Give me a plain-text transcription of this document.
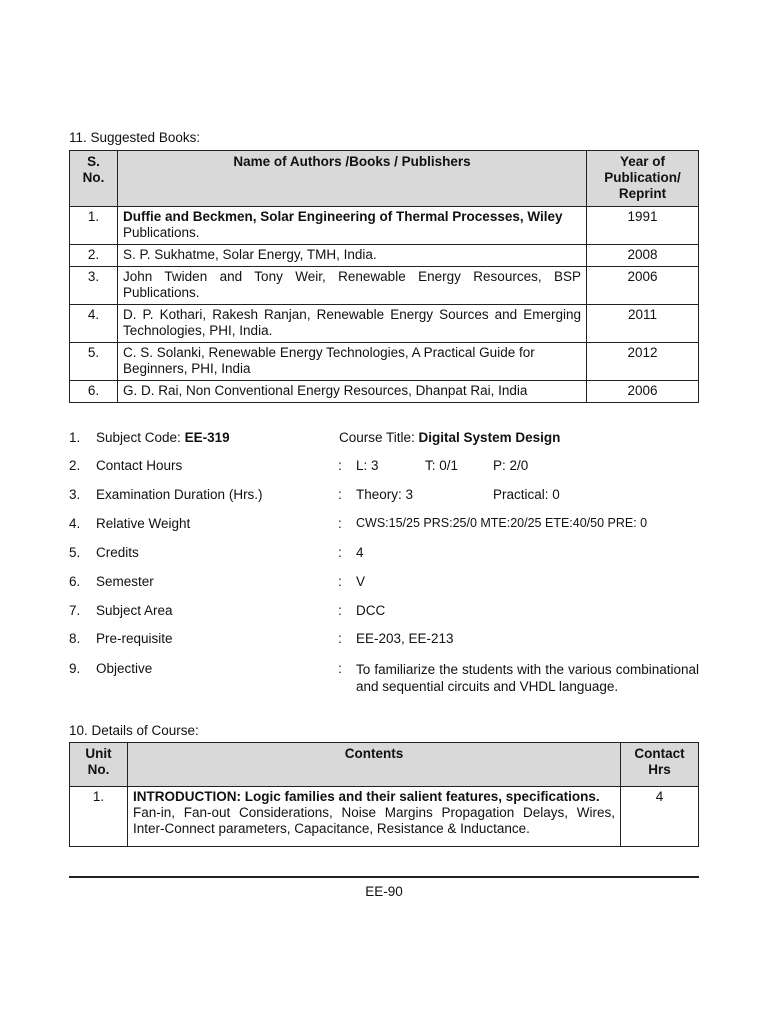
11. Suggested Books:
S. No.	Name of Authors /Books / Publishers	Year of Publication/ Reprint
1.	Duffie and Beckmen, Solar Engineering of Thermal Processes, Wiley Publications.	1991
2.	S. P. Sukhatme, Solar Energy, TMH, India.	2008
3.	John Twiden and Tony Weir, Renewable Energy Resources, BSP Publications.	2006
4.	D. P. Kothari, Rakesh Ranjan, Renewable Energy Sources and Emerging Technologies, PHI, India.	2011
5.	C. S. Solanki, Renewable Energy Technologies, A Practical Guide for Beginners, PHI, India	2012
6.	G. D. Rai, Non Conventional Energy Resources, Dhanpat Rai, India	2006
1. Subject Code: EE-319	Course Title: Digital System Design
2. Contact Hours	: L: 3	T: 0/1	P: 2/0
3. Examination Duration (Hrs.)	: Theory: 3	Practical: 0
4. Relative Weight	: CWS:15/25 PRS:25/0 MTE:20/25 ETE:40/50 PRE: 0
5. Credits	: 4
6. Semester	: V
7. Subject Area	: DCC
8. Pre-requisite	: EE-203, EE-213
9. Objective	: To familiarize the students with the various combinational and sequential circuits and VHDL language.
10. Details of Course:
Unit No.	Contents	Contact Hrs
1.	INTRODUCTION: Logic families and their salient features, specifications.
Fan-in, Fan-out Considerations, Noise Margins Propagation Delays, Wires, Inter-Connect parameters, Capacitance, Resistance & Inductance.	4
EE-90
